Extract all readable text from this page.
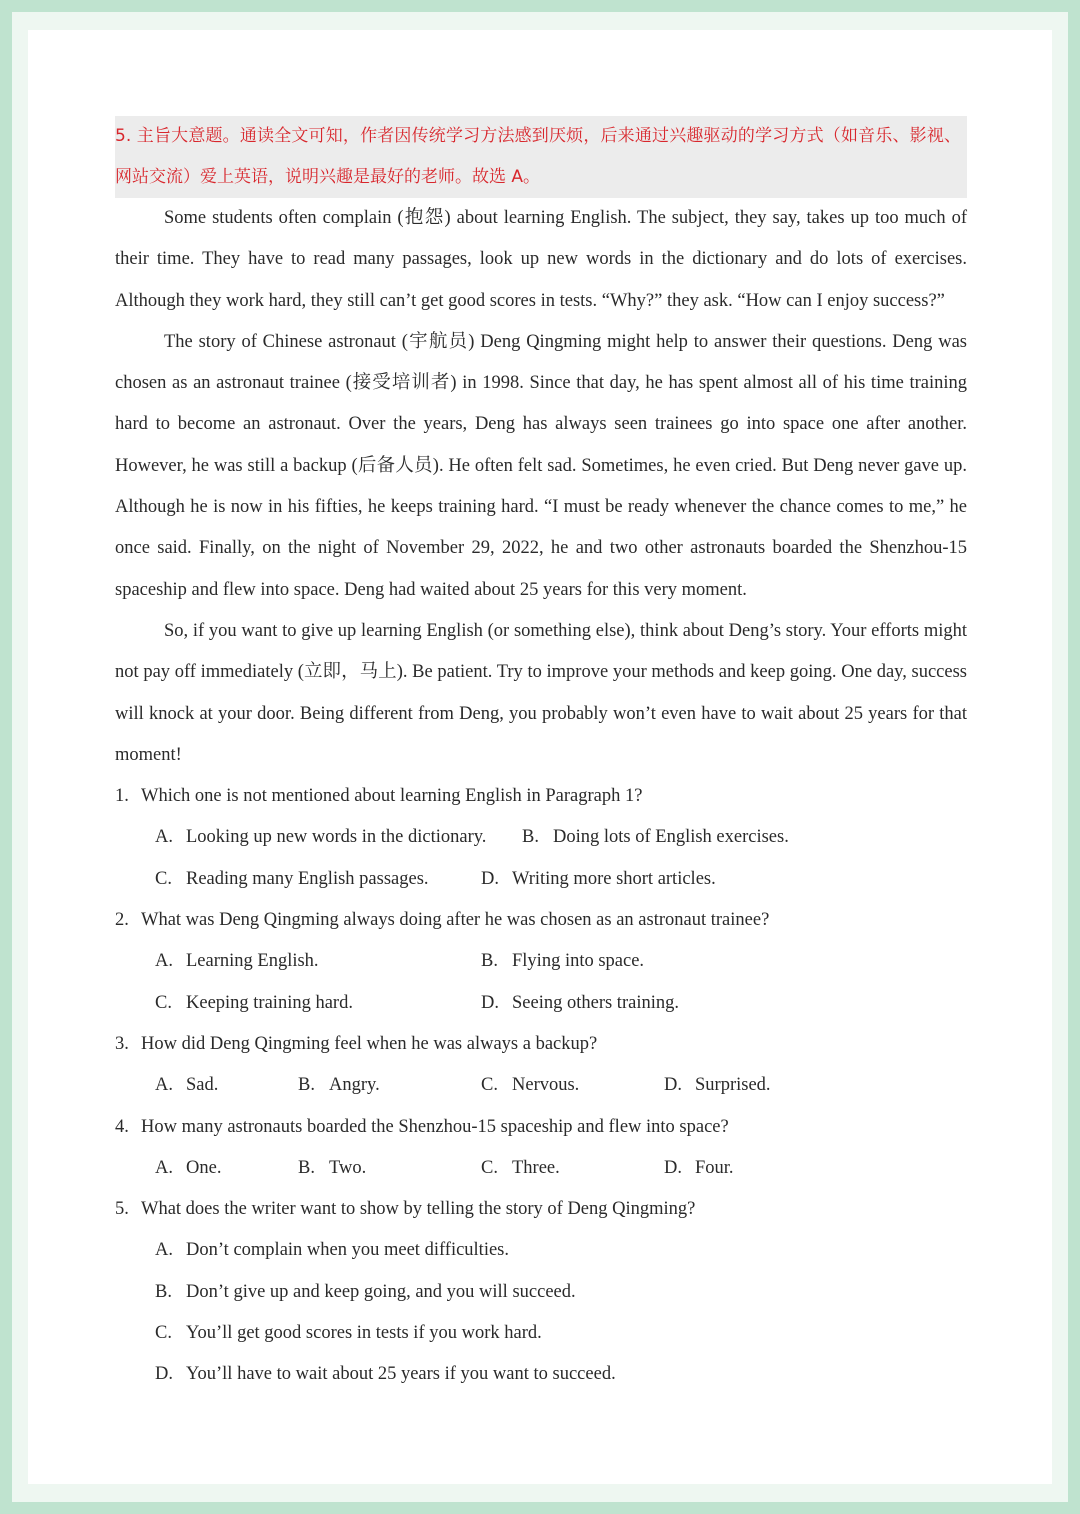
5. 主旨大意题。通读全文可知，作者因传统学习方法感到厌烦，后来通过兴趣驱动的学习方式（如音乐、影视、网站交流）爱上英语，说明兴趣是最好的老师。故选 A。

Some students often complain (抱怨) about learning English. The subject, they say, takes up too much of their time. They have to read many passages, look up new words in the dictionary and do lots of exercises. Although they work hard, they still can’t get good scores in tests. “Why?” they ask. “How can I enjoy success?”

The story of Chinese astronaut (宇航员) Deng Qingming might help to answer their questions. Deng was chosen as an astronaut trainee (接受培训者) in 1998. Since that day, he has spent almost all of his time training hard to become an astronaut. Over the years, Deng has always seen trainees go into space one after another. However, he was still a backup (后备人员). He often felt sad. Sometimes, he even cried. But Deng never gave up. Although he is now in his fifties, he keeps training hard. “I must be ready whenever the chance comes to me,” he once said. Finally, on the night of November 29, 2022, he and two other astronauts boarded the Shenzhou-15 spaceship and flew into space. Deng had waited about 25 years for this very moment.

So, if you want to give up learning English (or something else), think about Deng’s story. Your efforts might not pay off immediately (立即，马上). Be patient. Try to improve your methods and keep going. One day, success will knock at your door. Being different from Deng, you probably won’t even have to wait about 25 years for that moment!

1. Which one is not mentioned about learning English in Paragraph 1?
A. Looking up new words in the dictionary. B. Doing lots of English exercises.
C. Reading many English passages.	D. Writing more short articles.
2. What was Deng Qingming always doing after he was chosen as an astronaut trainee?
A. Learning English.	B. Flying into space.
C. Keeping training hard.	D. Seeing others training.
3. How did Deng Qingming feel when he was always a backup?
A. Sad.	B. Angry.	C. Nervous.	D. Surprised.
4. How many astronauts boarded the Shenzhou-15 spaceship and flew into space?
A. One.	B. Two.	C. Three.	D. Four.
5. What does the writer want to show by telling the story of Deng Qingming?
A. Don’t complain when you meet difficulties.
B. Don’t give up and keep going, and you will succeed.
C. You’ll get good scores in tests if you work hard.
D. You’ll have to wait about 25 years if you want to succeed.
